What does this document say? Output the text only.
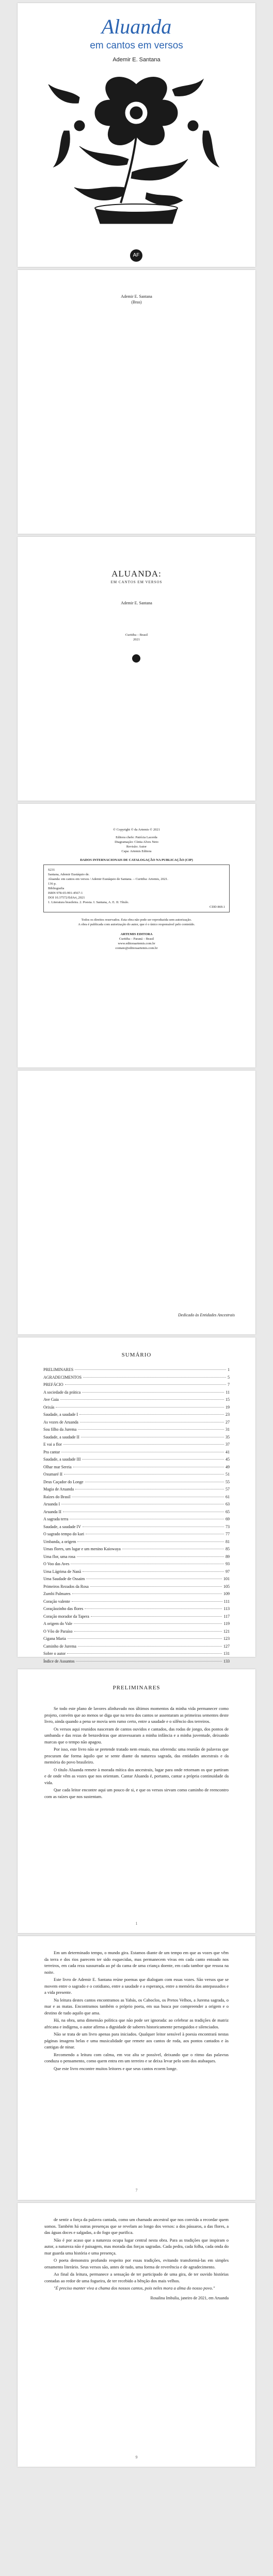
Aluanda
em cantos em versos
Ademir E. Santana
AF
Ademir E. Santana
(Bras)
ALUANDA:
EM CANTOS EM VERSOS
Ademir E. Santana
Curitiba – Brasil
2021
© Copyright © da Artemis © 2021
Editora chefe: Patrícia Lacerda
Diagramação: Cíntia Alves Neto
Revisão: Autor
Capa: Artemis Editora
DADOS INTERNACIONAIS DE CATALOGAÇÃO NA PUBLICAÇÃO (CIP)
S231
Santana, Ademir Eustáquio de.
Aluanda: em cantos em versos / Ademir Eustáquio de Santana. – Curitiba: Artemis, 2021.
136 p.
Bibliografia
ISBN 978-65-991-4567-1
DOI 10.37572/EdArt_2021
1. Literatura brasileira. 2. Poesia. I. Santana, A. E. II. Título.
CDD 869.1
Todos os direitos reservados. Esta obra não pode ser reproduzida sem autorização.
A obra é publicada com autorização do autor, que é o único responsável pelo conteúdo.
ARTEMIS EDITORA
Curitiba – Paraná – Brasil
www.editoraartemis.com.br
contato@editoraartemis.com.br
Dedicado às Entidades Ancestrais
SUMÁRIO
PRELIMINARES	1
AGRADECIMENTOS	5
PREFÁCIO	7
A sociedade da prática	11
Ave Gaia	15
Orixás	19
Saudade, a saudade I	23
As vozes de Aruanda	27
Sou filho da Jurema	31
Saudade, a saudade II	35
E vai a flor	37
Pra cantar	41
Saudade, a saudade III	45
Olhar mar Sereia	49
Oxumaré II	51
Deus Caçador do Longe	55
Magia de Aruanda	57
Raízes do Brasil	61
Aruanda I	63
Aruanda II	65
A sagrada terra	69
Saudade, a saudade IV	73
O sagrado tempo do kari	77
Umbanda, a origem	81
Umas flores, um lugar e um menino Kaiowaya	85
Uma flor, uma rosa	89
O Voo das Aves	93
Uma Lágrima de Nanã	97
Uma Saudade de Ossaim	101
Primeiros Rezados da Rosa	105
Zumbi Palmares	109
Coração valente	111
Coraçãozinho das flores	113
Coração morador da Tapera	117
A origem do Vale	119
O Vôo de Paraíso	121
Cigana Maria	123
Caminho de Jurema	127
Sobre o autor	131
Índice de Assuntos	133
PRELIMINARES

Se todo este plano de lavores alinhavado nos últimos momentos da minha vida permanecer como projeto, convém que ao menos se diga que na terra dos cantos se assentaram as primeiras sementes deste livro, ainda quando a pena se movia sem rumo certo, entre a saudade e o silêncio dos terreiros.

Os versos aqui reunidos nasceram de cantos ouvidos e cantados, das rodas de jongo, dos pontos de umbanda e das rezas de benzedeiras que atravessaram a minha infância e a minha juventude, deixando marcas que o tempo não apagou.

Por isso, este livro não se pretende tratado nem ensaio, mas oferenda: uma reunião de palavras que procuram dar forma àquilo que se sente diante da natureza sagrada, das entidades ancestrais e da memória do povo brasileiro.

O título Aluanda remete à morada mítica dos ancestrais, lugar para onde retornam os que partiram e de onde vêm as vozes que nos orientam. Cantar Aluanda é, portanto, cantar a própria continuidade da vida.

Que cada leitor encontre aqui um pouco de si, e que os versos sirvam como caminho de reencontro com as raízes que nos sustentam.

1

Em um determinado tempo, o mundo gira. Estamos diante de um tempo em que as vozes que vêm da terra e dos rios parecem ter sido esquecidas, mas permanecem vivas em cada canto entoado nos terreiros, em cada reza sussurrada ao pé da cama de uma criança doente, em cada tambor que ressoa na noite.

Este livro de Ademir E. Santana reúne poemas que dialogam com essas vozes. São versos que se movem entre o sagrado e o cotidiano, entre a saudade e a esperança, entre a memória dos antepassados e a vida presente.

Na leitura destes cantos encontramos as Yabás, os Caboclos, os Pretos Velhos, a Jurema sagrada, o mar e as matas. Encontramos também o próprio poeta, em sua busca por compreender a origem e o destino de tudo aquilo que ama.

Há, na obra, uma dimensão política que não pode ser ignorada: ao celebrar as tradições de matriz africana e indígena, o autor afirma a dignidade de saberes historicamente perseguidos e silenciados.

Não se trata de um livro apenas para iniciados. Qualquer leitor sensível à poesia encontrará nestas páginas imagens belas e uma musicalidade que remete aos cantos de roda, aos pontos cantados e às cantigas de ninar.

Recomendo a leitura com calma, em voz alta se possível, deixando que o ritmo das palavras conduza o pensamento, como quem entra em um terreiro e se deixa levar pelo som dos atabaques.

Que este livro encontre muitos leitores e que seus cantos ecoem longe.

7

de sentir a força da palavra cantada, como um chamado ancestral que nos convida a recordar quem somos. Também há outras presenças que se revelam ao longo dos versos: a dos pássaros, a das flores, a das águas doces e salgadas, a do fogo que purifica.

Não é por acaso que a natureza ocupa lugar central nesta obra. Para as tradições que inspiram o autor, a natureza não é paisagem, mas morada das forças sagradas. Cada pedra, cada folha, cada onda do mar guarda uma história e uma presença.

O poeta demonstra profundo respeito por essas tradições, evitando transformá-las em simples ornamento literário. Seus versos são, antes de tudo, uma forma de reverência e de agradecimento.

Ao final da leitura, permanece a sensação de ter participado de uma gira, de ter ouvido histórias contadas ao redor de uma fogueira, de ter recebido a bênção dos mais velhos.

"É preciso manter viva a chama dos nossos cantos, pois neles mora a alma do nosso povo."

Rosalina Imbulia, janeiro de 2021, em Aruanda

9
